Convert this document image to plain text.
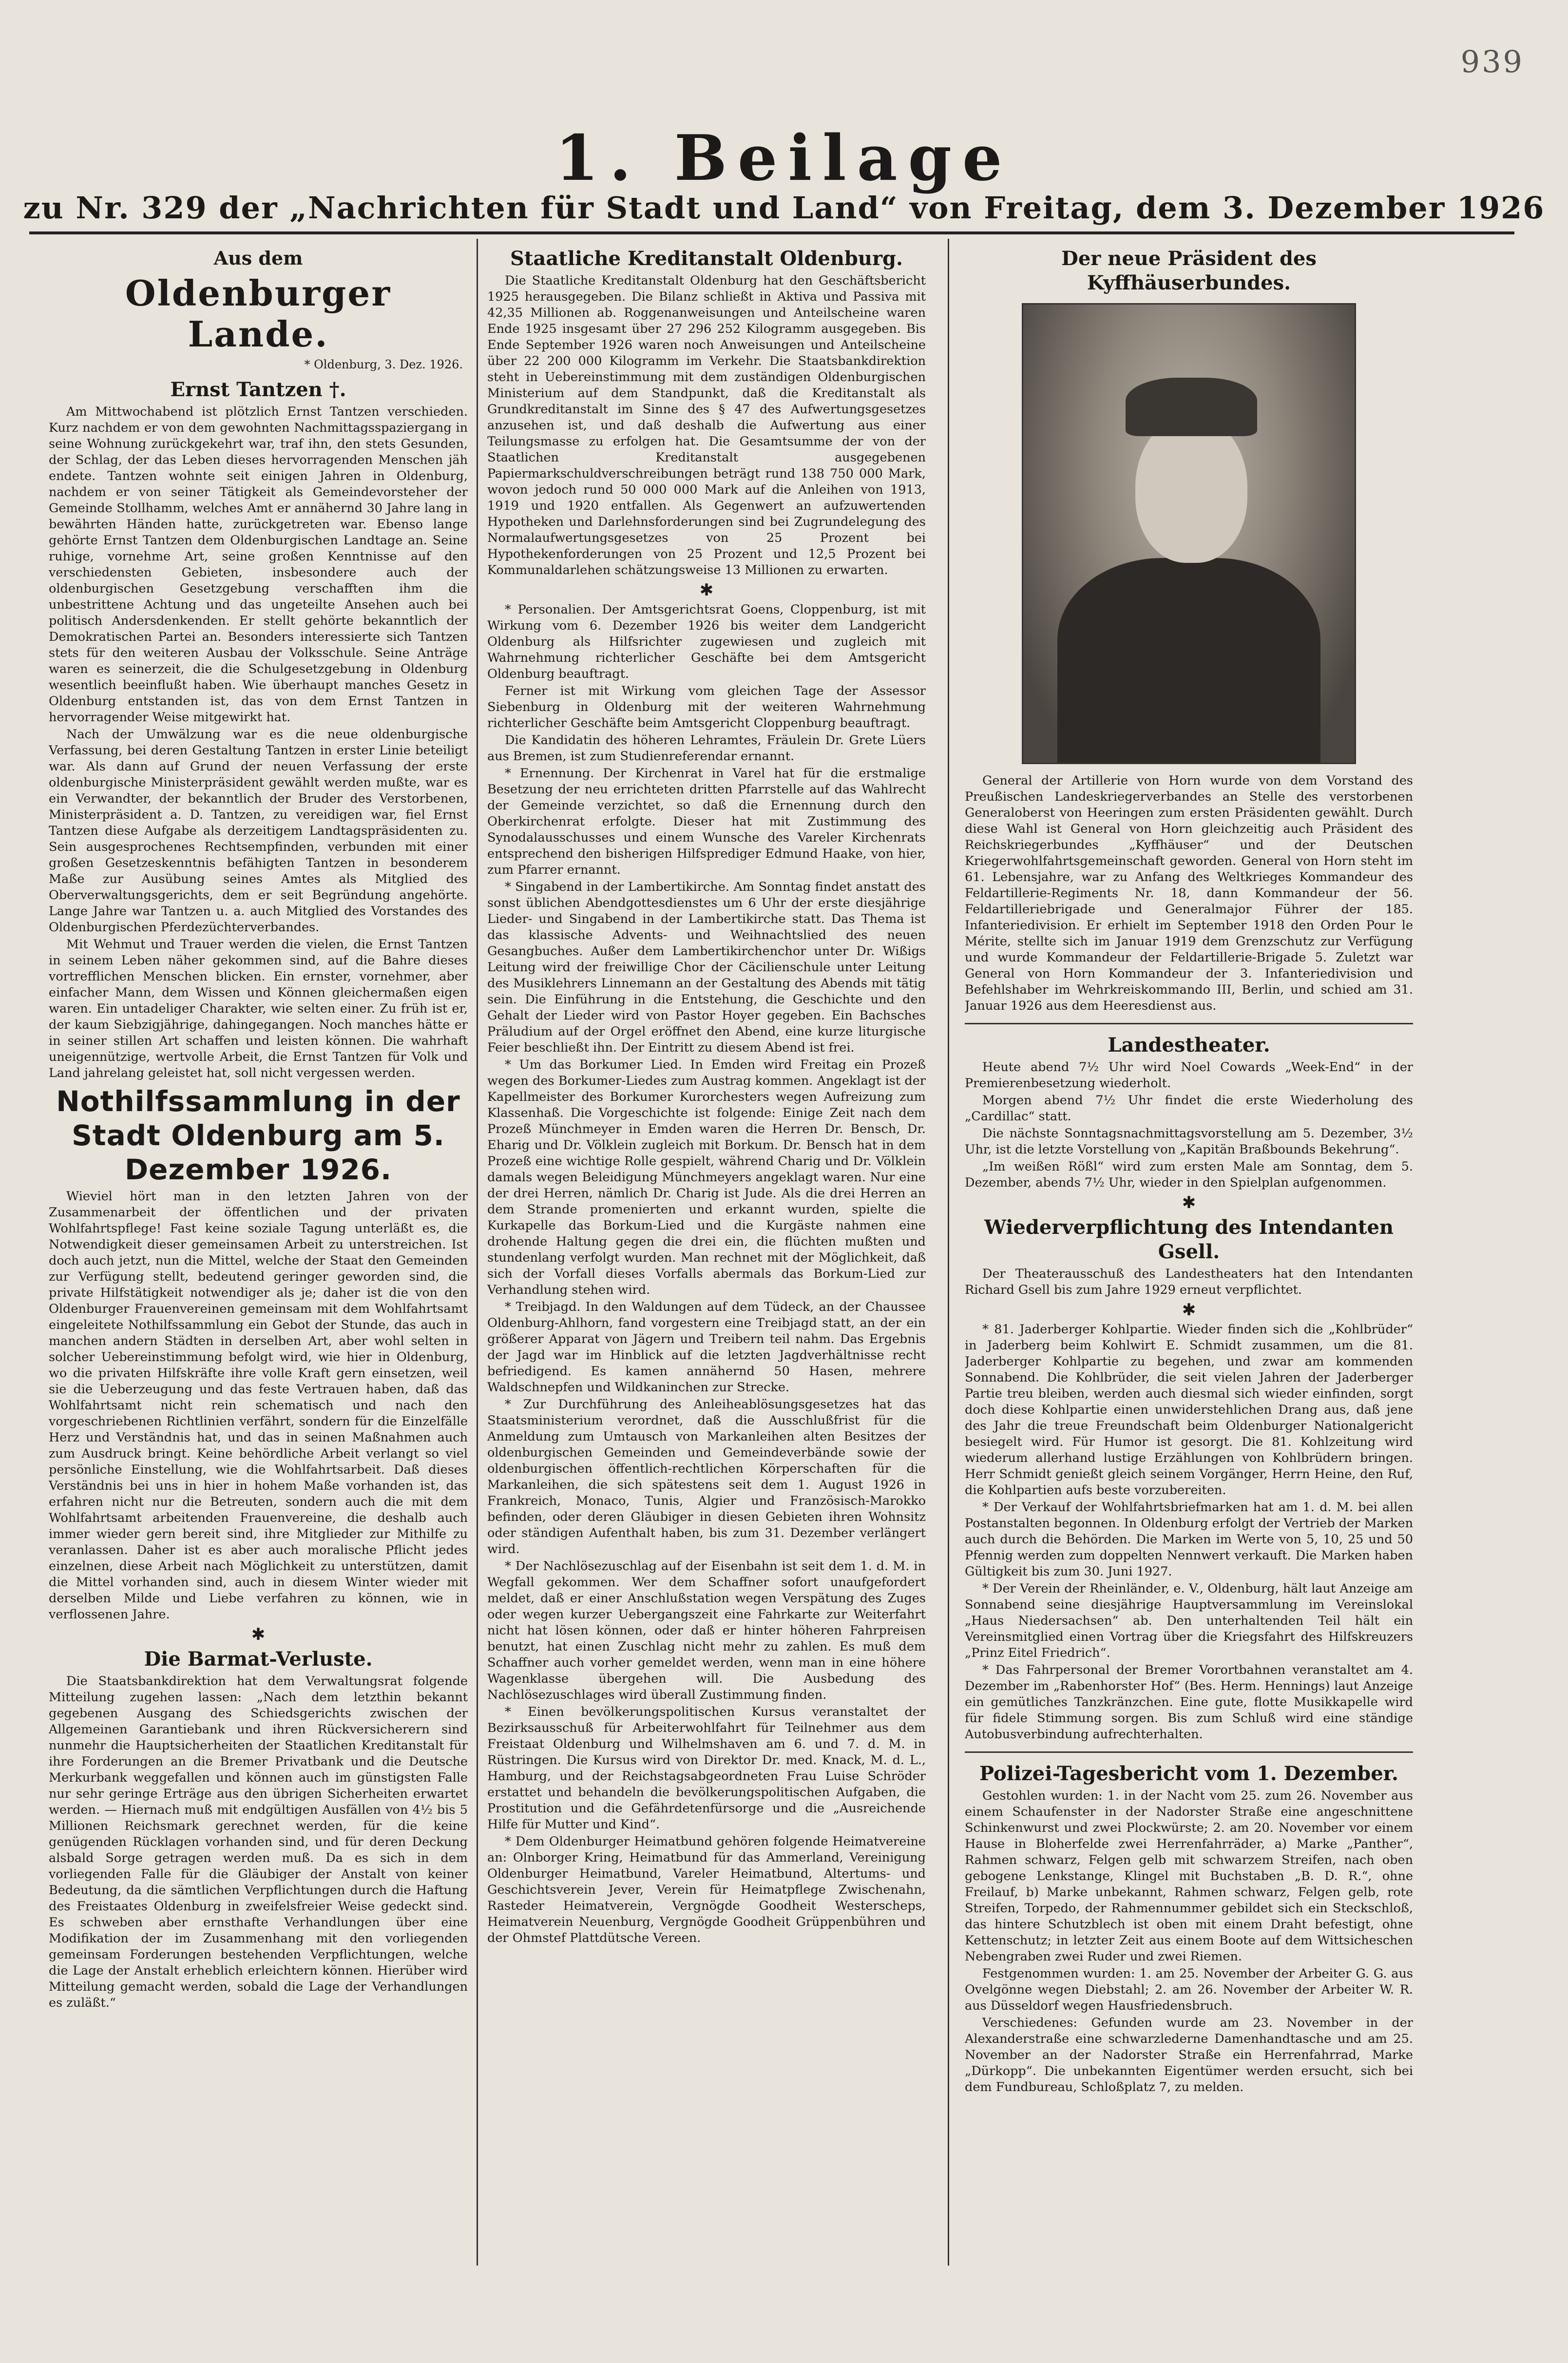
939
1. Beilage
zu Nr. 329 der „Nachrichten für Stadt und Land“ von Freitag, dem 3. Dezember 1926
Aus dem
Oldenburger Lande.
* Oldenburg, 3. Dez. 1926.
Ernst Tantzen †.

Am Mittwochabend ist plötzlich Ernst Tantzen verschieden. Kurz nachdem er von dem gewohnten Nachmittagsspaziergang in seine Wohnung zurückgekehrt war, traf ihn, den stets Gesunden, der Schlag, der das Leben dieses hervorragenden Menschen jäh endete. Tantzen wohnte seit einigen Jahren in Oldenburg, nachdem er von seiner Tätigkeit als Gemeindevorsteher der Gemeinde Stollhamm, welches Amt er annähernd 30 Jahre lang in bewährten Händen hatte, zurückgetreten war. Ebenso lange gehörte Ernst Tantzen dem Oldenburgischen Landtage an. Seine ruhige, vornehme Art, seine großen Kenntnisse auf den verschiedensten Gebieten, insbesondere auch der oldenburgischen Gesetzgebung verschafften ihm die unbestrittene Achtung und das ungeteilte Ansehen auch bei politisch Andersdenkenden. Er stellt gehörte bekanntlich der Demokratischen Partei an. Besonders interessierte sich Tantzen stets für den weiteren Ausbau der Volksschule. Seine Anträge waren es seinerzeit, die die Schulgesetzgebung in Oldenburg wesentlich beeinflußt haben. Wie überhaupt manches Gesetz in Oldenburg entstanden ist, das von dem Ernst Tantzen in hervorragender Weise mitgewirkt hat.

Nach der Umwälzung war es die neue oldenburgische Verfassung, bei deren Gestaltung Tantzen in erster Linie beteiligt war. Als dann auf Grund der neuen Verfassung der erste oldenburgische Ministerpräsident gewählt werden mußte, war es ein Verwandter, der bekanntlich der Bruder des Verstorbenen, Ministerpräsident a. D. Tantzen, zu vereidigen war, fiel Ernst Tantzen diese Aufgabe als derzeitigem Landtagspräsidenten zu. Sein ausgesprochenes Rechtsempfinden, verbunden mit einer großen Gesetzeskenntnis befähigten Tantzen in besonderem Maße zur Ausübung seines Amtes als Mitglied des Oberverwaltungsgerichts, dem er seit Begründung angehörte. Lange Jahre war Tantzen u. a. auch Mitglied des Vorstandes des Oldenburgischen Pferdezüchterverbandes.

Mit Wehmut und Trauer werden die vielen, die Ernst Tantzen in seinem Leben näher gekommen sind, auf die Bahre dieses vortrefflichen Menschen blicken. Ein ernster, vornehmer, aber einfacher Mann, dem Wissen und Können gleichermaßen eigen waren. Ein untadeliger Charakter, wie selten einer. Zu früh ist er, der kaum Siebzigjährige, dahingegangen. Noch manches hätte er in seiner stillen Art schaffen und leisten können. Die wahrhaft uneigennützige, wertvolle Arbeit, die Ernst Tantzen für Volk und Land jahrelang geleistet hat, soll nicht vergessen werden.

Nothilfssammlung in der Stadt Oldenburg am 5. Dezember 1926.

Wieviel hört man in den letzten Jahren von der Zusammenarbeit der öffentlichen und der privaten Wohlfahrtspflege! Fast keine soziale Tagung unterläßt es, die Notwendigkeit dieser gemeinsamen Arbeit zu unterstreichen. Ist doch auch jetzt, nun die Mittel, welche der Staat den Gemeinden zur Verfügung stellt, bedeutend geringer geworden sind, die private Hilfstätigkeit notwendiger als je; daher ist die von den Oldenburger Frauenvereinen gemeinsam mit dem Wohlfahrtsamt eingeleitete Nothilfssammlung ein Gebot der Stunde, das auch in manchen andern Städten in derselben Art, aber wohl selten in solcher Uebereinstimmung befolgt wird, wie hier in Oldenburg, wo die privaten Hilfskräfte ihre volle Kraft gern einsetzen, weil sie die Ueberzeugung und das feste Vertrauen haben, daß das Wohlfahrtsamt nicht rein schematisch und nach den vorgeschriebenen Richtlinien verfährt, sondern für die Einzelfälle Herz und Verständnis hat, und das in seinen Maßnahmen auch zum Ausdruck bringt. Keine behördliche Arbeit verlangt so viel persönliche Einstellung, wie die Wohlfahrtsarbeit. Daß dieses Verständnis bei uns in hier in hohem Maße vorhanden ist, das erfahren nicht nur die Betreuten, sondern auch die mit dem Wohlfahrtsamt arbeitenden Frauenvereine, die deshalb auch immer wieder gern bereit sind, ihre Mitglieder zur Mithilfe zu veranlassen. Daher ist es aber auch moralische Pflicht jedes einzelnen, diese Arbeit nach Möglichkeit zu unterstützen, damit die Mittel vorhanden sind, auch in diesem Winter wieder mit derselben Milde und Liebe verfahren zu können, wie in verflossenen Jahre.

✱
Die Barmat-Verluste.

Die Staatsbankdirektion hat dem Verwaltungsrat folgende Mitteilung zugehen lassen: „Nach dem letzthin bekannt gegebenen Ausgang des Schiedsgerichts zwischen der Allgemeinen Garantiebank und ihren Rückversicherern sind nunmehr die Hauptsicherheiten der Staatlichen Kreditanstalt für ihre Forderungen an die Bremer Privatbank und die Deutsche Merkurbank weggefallen und können auch im günstigsten Falle nur sehr geringe Erträge aus den übrigen Sicherheiten erwartet werden. — Hiernach muß mit endgültigen Ausfällen von 4½ bis 5 Millionen Reichsmark gerechnet werden, für die keine genügenden Rücklagen vorhanden sind, und für deren Deckung alsbald Sorge getragen werden muß. Da es sich in dem vorliegenden Falle für die Gläubiger der Anstalt von keiner Bedeutung, da die sämtlichen Verpflichtungen durch die Haftung des Freistaates Oldenburg in zweifelsfreier Weise gedeckt sind. Es schweben aber ernsthafte Verhandlungen über eine Modifikation der im Zusammenhang mit den vorliegenden gemeinsam Forderungen bestehenden Verpflichtungen, welche die Lage der Anstalt erheblich erleichtern können. Hierüber wird Mitteilung gemacht werden, sobald die Lage der Verhandlungen es zuläßt.“

Staatliche Kreditanstalt Oldenburg.

Die Staatliche Kreditanstalt Oldenburg hat den Geschäftsbericht 1925 herausgegeben. Die Bilanz schließt in Aktiva und Passiva mit 42,35 Millionen ab. Roggenanweisungen und Anteilscheine waren Ende 1925 insgesamt über 27 296 252 Kilogramm ausgegeben. Bis Ende September 1926 waren noch Anweisungen und Anteilscheine über 22 200 000 Kilogramm im Verkehr. Die Staatsbankdirektion steht in Uebereinstimmung mit dem zuständigen Oldenburgischen Ministerium auf dem Standpunkt, daß die Kreditanstalt als Grundkreditanstalt im Sinne des § 47 des Aufwertungsgesetzes anzusehen ist, und daß deshalb die Aufwertung aus einer Teilungsmasse zu erfolgen hat. Die Gesamtsumme der von der Staatlichen Kreditanstalt ausgegebenen Papiermarkschuldverschreibungen beträgt rund 138 750 000 Mark, wovon jedoch rund 50 000 000 Mark auf die Anleihen von 1913, 1919 und 1920 entfallen. Als Gegenwert an aufzuwertenden Hypotheken und Darlehnsforderungen sind bei Zugrundelegung des Normalaufwertungsgesetzes von 25 Prozent bei Hypothekenforderungen von 25 Prozent und 12,5 Prozent bei Kommunaldarlehen schätzungsweise 13 Millionen zu erwarten.

✱

* Personalien. Der Amtsgerichtsrat Goens, Cloppenburg, ist mit Wirkung vom 6. Dezember 1926 bis weiter dem Landgericht Oldenburg als Hilfsrichter zugewiesen und zugleich mit Wahrnehmung richterlicher Geschäfte bei dem Amtsgericht Oldenburg beauftragt.

Ferner ist mit Wirkung vom gleichen Tage der Assessor Siebenburg in Oldenburg mit der weiteren Wahrnehmung richterlicher Geschäfte beim Amtsgericht Cloppenburg beauftragt.

Die Kandidatin des höheren Lehramtes, Fräulein Dr. Grete Lüers aus Bremen, ist zum Studienreferendar ernannt.

* Ernennung. Der Kirchenrat in Varel hat für die erstmalige Besetzung der neu errichteten dritten Pfarrstelle auf das Wahlrecht der Gemeinde verzichtet, so daß die Ernennung durch den Oberkirchenrat erfolgte. Dieser hat mit Zustimmung des Synodalausschusses und einem Wunsche des Vareler Kirchenrats entsprechend den bisherigen Hilfsprediger Edmund Haake, von hier, zum Pfarrer ernannt.

* Singabend in der Lambertikirche. Am Sonntag findet anstatt des sonst üblichen Abendgottesdienstes um 6 Uhr der erste diesjährige Lieder- und Singabend in der Lambertikirche statt. Das Thema ist das klassische Advents- und Weihnachtslied des neuen Gesangbuches. Außer dem Lambertikirchenchor unter Dr. Wißigs Leitung wird der freiwillige Chor der Cäcilienschule unter Leitung des Musiklehrers Linnemann an der Gestaltung des Abends mit tätig sein. Die Einführung in die Entstehung, die Geschichte und den Gehalt der Lieder wird von Pastor Hoyer gegeben. Ein Bachsches Präludium auf der Orgel eröffnet den Abend, eine kurze liturgische Feier beschließt ihn. Der Eintritt zu diesem Abend ist frei.

* Um das Borkumer Lied. In Emden wird Freitag ein Prozeß wegen des Borkumer-Liedes zum Austrag kommen. Angeklagt ist der Kapellmeister des Borkumer Kurorchesters wegen Aufreizung zum Klassenhaß. Die Vorgeschichte ist folgende: Einige Zeit nach dem Prozeß Münchmeyer in Emden waren die Herren Dr. Bensch, Dr. Eharig und Dr. Völklein zugleich mit Borkum. Dr. Bensch hat in dem Prozeß eine wichtige Rolle gespielt, während Charig und Dr. Völklein damals wegen Beleidigung Münchmeyers angeklagt waren. Nur eine der drei Herren, nämlich Dr. Charig ist Jude. Als die drei Herren an dem Strande promenierten und erkannt wurden, spielte die Kurkapelle das Borkum-Lied und die Kurgäste nahmen eine drohende Haltung gegen die drei ein, die flüchten mußten und stundenlang verfolgt wurden. Man rechnet mit der Möglichkeit, daß sich der Vorfall dieses Vorfalls abermals das Borkum-Lied zur Verhandlung stehen wird.

* Treibjagd. In den Waldungen auf dem Tüdeck, an der Chaussee Oldenburg-Ahlhorn, fand vorgestern eine Treibjagd statt, an der ein größerer Apparat von Jägern und Treibern teil nahm. Das Ergebnis der Jagd war im Hinblick auf die letzten Jagdverhältnisse recht befriedigend. Es kamen annähernd 50 Hasen, mehrere Waldschnepfen und Wildkaninchen zur Strecke.

* Zur Durchführung des Anleiheablösungsgesetzes hat das Staatsministerium verordnet, daß die Ausschlußfrist für die Anmeldung zum Umtausch von Markanleihen alten Besitzes der oldenburgischen Gemeinden und Gemeindeverbände sowie der oldenburgischen öffentlich-rechtlichen Körperschaften für die Markanleihen, die sich spätestens seit dem 1. August 1926 in Frankreich, Monaco, Tunis, Algier und Französisch-Marokko befinden, oder deren Gläubiger in diesen Gebieten ihren Wohnsitz oder ständigen Aufenthalt haben, bis zum 31. Dezember verlängert wird.

* Der Nachlösezuschlag auf der Eisenbahn ist seit dem 1. d. M. in Wegfall gekommen. Wer dem Schaffner sofort unaufgefordert meldet, daß er einer Anschlußstation wegen Verspätung des Zuges oder wegen kurzer Uebergangszeit eine Fahrkarte zur Weiterfahrt nicht hat lösen können, oder daß er hinter höheren Fahrpreisen benutzt, hat einen Zuschlag nicht mehr zu zahlen. Es muß dem Schaffner auch vorher gemeldet werden, wenn man in eine höhere Wagenklasse übergehen will. Die Ausbedung des Nachlösezuschlages wird überall Zustimmung finden.

* Einen bevölkerungspolitischen Kursus veranstaltet der Bezirksausschuß für Arbeiterwohlfahrt für Teilnehmer aus dem Freistaat Oldenburg und Wilhelmshaven am 6. und 7. d. M. in Rüstringen. Die Kursus wird von Direktor Dr. med. Knack, M. d. L., Hamburg, und der Reichstagsabgeordneten Frau Luise Schröder erstattet und behandeln die bevölkerungspolitischen Aufgaben, die Prostitution und die Gefährdetenfürsorge und die „Ausreichende Hilfe für Mutter und Kind“.

* Dem Oldenburger Heimatbund gehören folgende Heimatvereine an: Olnborger Kring, Heimatbund für das Ammerland, Vereinigung Oldenburger Heimatbund, Vareler Heimatbund, Altertums- und Geschichtsverein Jever, Verein für Heimatpflege Zwischenahn, Rasteder Heimatverein, Vergnögde Goodheit Westerscheps, Heimatverein Neuenburg, Vergnögde Goodheit Grüppenbühren und der Ohmstef Plattdütsche Vereen.

Der neue Präsident des Kyffhäuserbundes.

General der Artillerie von Horn wurde von dem Vorstand des Preußischen Landeskriegerverbandes an Stelle des verstorbenen Generaloberst von Heeringen zum ersten Präsidenten gewählt. Durch diese Wahl ist General von Horn gleichzeitig auch Präsident des Reichskriegerbundes „Kyffhäuser“ und der Deutschen Kriegerwohlfahrtsgemeinschaft geworden. General von Horn steht im 61. Lebensjahre, war zu Anfang des Weltkrieges Kommandeur des Feldartillerie-Regiments Nr. 18, dann Kommandeur der 56. Feldartilleriebrigade und Generalmajor Führer der 185. Infanteriedivision. Er erhielt im September 1918 den Orden Pour le Mérite, stellte sich im Januar 1919 dem Grenzschutz zur Verfügung und wurde Kommandeur der Feldartillerie-Brigade 5. Zuletzt war General von Horn Kommandeur der 3. Infanteriedivision und Befehlshaber im Wehrkreiskommando III, Berlin, und schied am 31. Januar 1926 aus dem Heeresdienst aus.

Landestheater.

Heute abend 7½ Uhr wird Noel Cowards „Week-End“ in der Premierenbesetzung wiederholt.

Morgen abend 7½ Uhr findet die erste Wiederholung des „Cardillac“ statt.

Die nächste Sonntagsnachmittagsvorstellung am 5. Dezember, 3½ Uhr, ist die letzte Vorstellung von „Kapitän Braßbounds Bekehrung“.

„Im weißen Rößl“ wird zum ersten Male am Sonntag, dem 5. Dezember, abends 7½ Uhr, wieder in den Spielplan aufgenommen.

✱
Wiederverpflichtung des Intendanten Gsell.

Der Theaterausschuß des Landestheaters hat den Intendanten Richard Gsell bis zum Jahre 1929 erneut verpflichtet.

✱

* 81. Jaderberger Kohlpartie. Wieder finden sich die „Kohlbrüder“ in Jaderberg beim Kohlwirt E. Schmidt zusammen, um die 81. Jaderberger Kohlpartie zu begehen, und zwar am kommenden Sonnabend. Die Kohlbrüder, die seit vielen Jahren der Jaderberger Partie treu bleiben, werden auch diesmal sich wieder einfinden, sorgt doch diese Kohlpartie einen unwiderstehlichen Drang aus, daß jene des Jahr die treue Freundschaft beim Oldenburger Nationalgericht besiegelt wird. Für Humor ist gesorgt. Die 81. Kohlzeitung wird wiederum allerhand lustige Erzählungen von Kohlbrüdern bringen. Herr Schmidt genießt gleich seinem Vorgänger, Herrn Heine, den Ruf, die Kohlpartien aufs beste vorzubereiten.

* Der Verkauf der Wohlfahrtsbriefmarken hat am 1. d. M. bei allen Postanstalten begonnen. In Oldenburg erfolgt der Vertrieb der Marken auch durch die Behörden. Die Marken im Werte von 5, 10, 25 und 50 Pfennig werden zum doppelten Nennwert verkauft. Die Marken haben Gültigkeit bis zum 30. Juni 1927.

* Der Verein der Rheinländer, e. V., Oldenburg, hält laut Anzeige am Sonnabend seine diesjährige Hauptversammlung im Vereinslokal „Haus Niedersachsen“ ab. Den unterhaltenden Teil hält ein Vereinsmitglied einen Vortrag über die Kriegsfahrt des Hilfskreuzers „Prinz Eitel Friedrich“.

* Das Fahrpersonal der Bremer Vorortbahnen veranstaltet am 4. Dezember im „Rabenhorster Hof“ (Bes. Herm. Hennings) laut Anzeige ein gemütliches Tanzkränzchen. Eine gute, flotte Musikkapelle wird für fidele Stimmung sorgen. Bis zum Schluß wird eine ständige Autobusverbindung aufrechterhalten.

Polizei-Tagesbericht vom 1. Dezember.

Gestohlen wurden: 1. in der Nacht vom 25. zum 26. November aus einem Schaufenster in der Nadorster Straße eine angeschnittene Schinkenwurst und zwei Plockwürste; 2. am 20. November vor einem Hause in Bloherfelde zwei Herrenfahrräder, a) Marke „Panther“, Rahmen schwarz, Felgen gelb mit schwarzem Streifen, nach oben gebogene Lenkstange, Klingel mit Buchstaben „B. D. R.“, ohne Freilauf, b) Marke unbekannt, Rahmen schwarz, Felgen gelb, rote Streifen, Torpedo, der Rahmennummer gebildet sich ein Steckschloß, das hintere Schutzblech ist oben mit einem Draht befestigt, ohne Kettenschutz; in letzter Zeit aus einem Boote auf dem Wittsicheschen Nebengraben zwei Ruder und zwei Riemen.

Festgenommen wurden: 1. am 25. November der Arbeiter G. G. aus Ovelgönne wegen Diebstahl; 2. am 26. November der Arbeiter W. R. aus Düsseldorf wegen Hausfriedensbruch.

Verschiedenes: Gefunden wurde am 23. November in der Alexanderstraße eine schwarzlederne Damenhandtasche und am 25. November an der Nadorster Straße ein Herrenfahrrad, Marke „Dürkopp“. Die unbekannten Eigentümer werden ersucht, sich bei dem Fundbureau, Schloßplatz 7, zu melden.
